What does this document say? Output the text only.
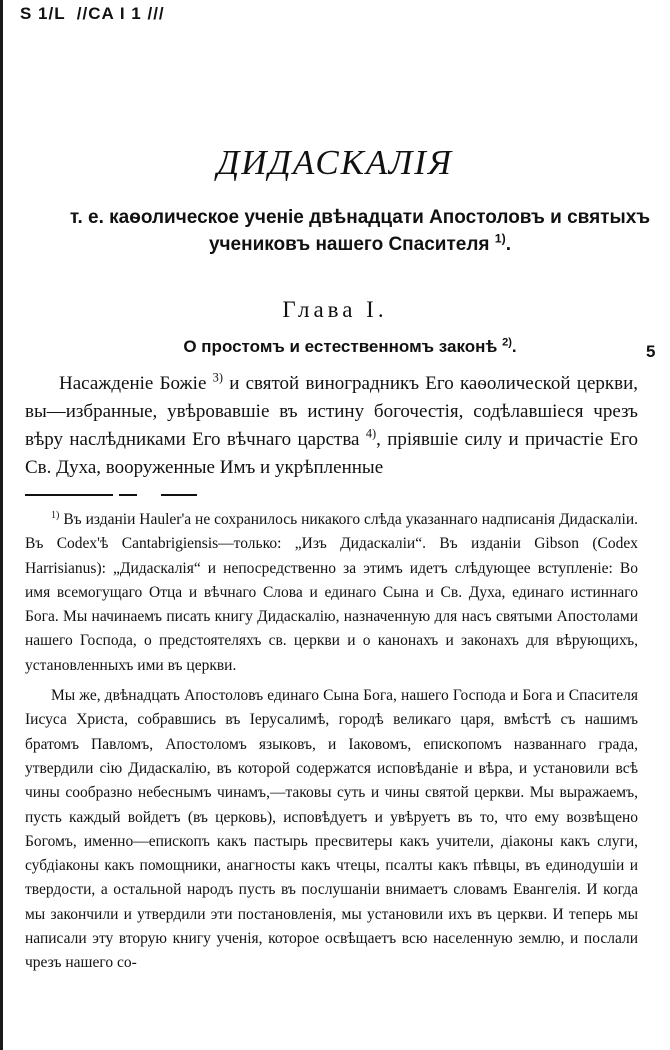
S 1/L  //CA I 1 ///
ДИДАСКАЛІЯ
т. е. каѳолическое ученіе двѣнадцати Апостоловъ и святыхъ учениковъ нашего Спасителя $^{1)}$.
Глава I.
О простомъ и естественномъ законѣ $^{2)}$.	5

Насажденіе Божіе $^{3)}$ и святой виноградникъ Его каѳолической церкви, вы—избранные, увѣровавшіе въ истину богочестія, содѣлавшіеся чрезъ вѣру наслѣдниками Его вѣчнаго царства $^{4)}$, пріявшіе силу и причастіе Его Св. Духа, вооруженные Имъ и укрѣпленные

$^{1)}$ Въ изданіи Hauler'а не сохранилось никакого слѣда указаннаго надписанія Дидаскаліи. Въ Codex'ѣ Cantabrigiensis—только: „Изъ Дидаскаліи“. Въ изданіи Gibson (Codex Harrisianus): „Дидаскалія“ и непосредственно за этимъ идетъ слѣдующее вступленіе: Во имя всемогущаго Отца и вѣчнаго Слова и единаго Сына и Св. Духа, единаго истиннаго Бога. Мы начинаемъ писать книгу Дидаскалію, назначенную для насъ святыми Апостолами нашего Господа, о предстоятеляхъ св. церкви и о канонахъ и законахъ для вѣрующихъ, установленныхъ ими въ церкви.

Мы же, двѣнадцать Апостоловъ единаго Сына Бога, нашего Господа и Бога и Спасителя Іисуса Христа, собравшись въ Іерусалимѣ, городѣ великаго царя, вмѣстѣ съ нашимъ братомъ Павломъ, Апостоломъ языковъ, и Іаковомъ, епископомъ названнаго града, утвердили сію Дидаскалію, въ которой содержатся исповѣданіе и вѣра, и установили всѣ чины сообразно небеснымъ чинамъ,—таковы суть и чины святой церкви. Мы выражаемъ, пусть каждый войдетъ (въ церковь), исповѣдуетъ и увѣруетъ въ то, что ему возвѣщено Богомъ, именно—епископъ какъ пастырь пресвитеры какъ учители, діаконы какъ слуги, субдіаконы какъ помощники, анагносты какъ чтецы, псалты какъ пѣвцы, въ единодушіи и твердости, а остальной народъ пусть въ послушаніи внимаетъ словамъ Евангелія. И когда мы закончили и утвердили эти постановленія, мы установили ихъ въ церкви. И теперь мы написали эту вторую книгу ученія, которое освѣщаетъ всю населенную землю, и послали чрезъ нашего со-
